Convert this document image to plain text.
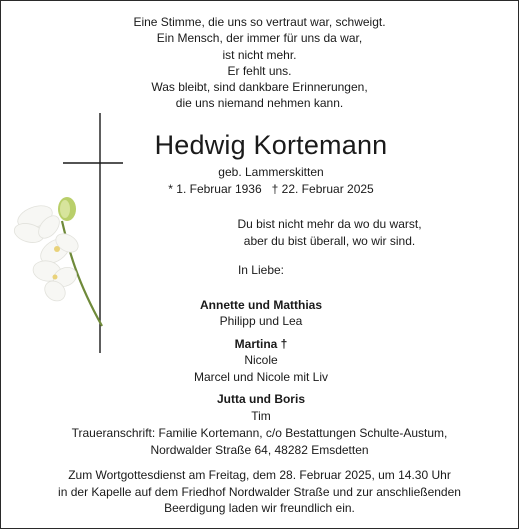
Eine Stimme, die uns so vertraut war, schweigt.
Ein Mensch, der immer für uns da war,
ist nicht mehr.
Er fehlt uns.
Was bleibt, sind dankbare Erinnerungen,
die uns niemand nehmen kann.
Hedwig Kortemann
geb. Lammerskitten
* 1. Februar 1936   † 22. Februar 2025
Du bist nicht mehr da wo du warst,
aber du bist überall, wo wir sind.
In Liebe:
Annette und Matthias
Philipp und Lea
Martina †
Nicole
Marcel und Nicole mit Liv
Jutta und Boris
Tim
Traueranschrift: Familie Kortemann, c/o Bestattungen Schulte-Austum,
Nordwalder Straße 64, 48282 Emsdetten
Zum Wortgottesdienst am Freitag, dem 28. Februar 2025, um 14.30 Uhr
in der Kapelle auf dem Friedhof Nordwalder Straße und zur anschließenden
Beerdigung laden wir freundlich ein.
